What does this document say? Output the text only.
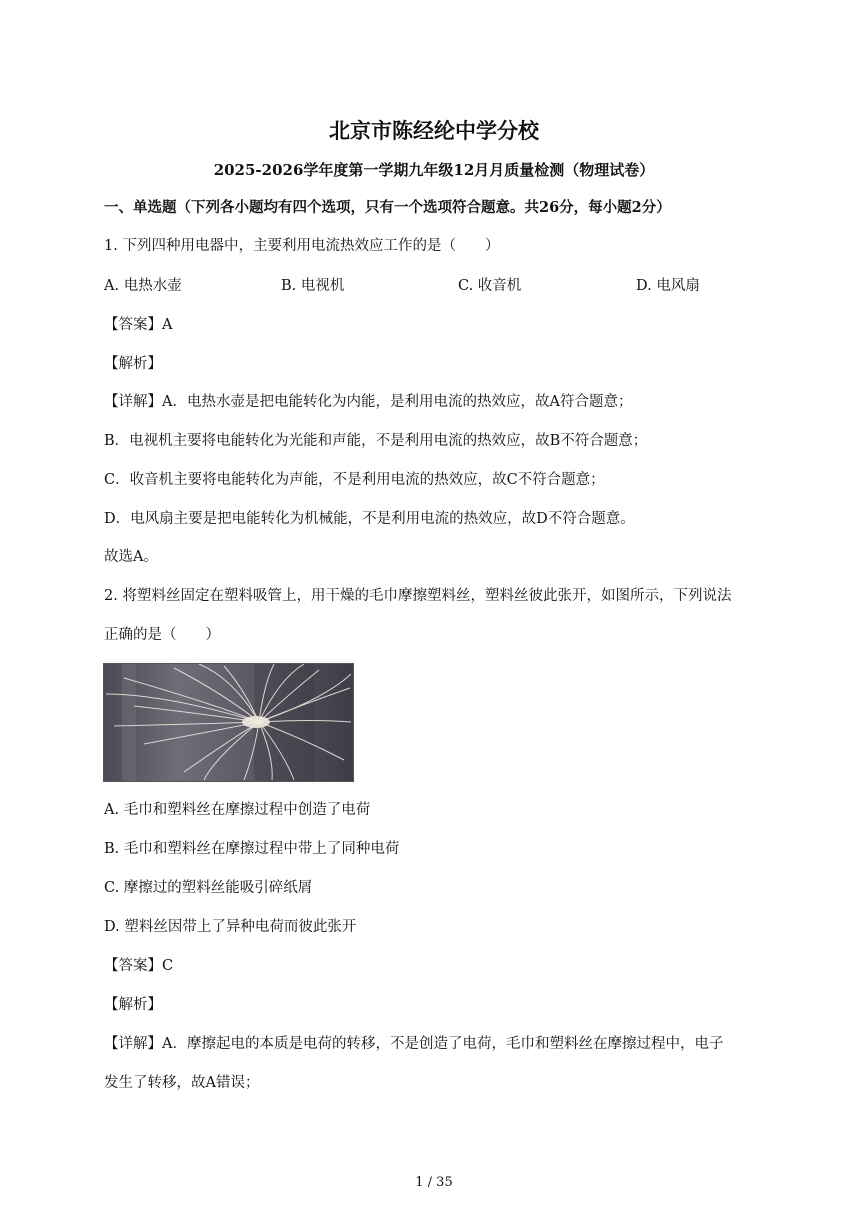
北京市陈经纶中学分校
2025-2026学年度第一学期九年级12月月质量检测（物理试卷）
一、单选题（下列各小题均有四个选项，只有一个选项符合题意。共26分，每小题2分）
1. 下列四种用电器中，主要利用电流热效应工作的是（　　）
A. 电热水壶	B. 电视机	C. 收音机	D. 电风扇
【答案】A
【解析】
【详解】A．电热水壶是把电能转化为内能，是利用电流的热效应，故A符合题意；
B．电视机主要将电能转化为光能和声能，不是利用电流的热效应，故B不符合题意；
C．收音机主要将电能转化为声能，不是利用电流的热效应，故C不符合题意；
D．电风扇主要是把电能转化为机械能，不是利用电流的热效应，故D不符合题意。
故选A。
2. 将塑料丝固定在塑料吸管上，用干燥的毛巾摩擦塑料丝，塑料丝彼此张开，如图所示，下列说法
正确的是（　　）
A. 毛巾和塑料丝在摩擦过程中创造了电荷
B. 毛巾和塑料丝在摩擦过程中带上了同种电荷
C. 摩擦过的塑料丝能吸引碎纸屑
D. 塑料丝因带上了异种电荷而彼此张开
【答案】C
【解析】
【详解】A．摩擦起电的本质是电荷的转移，不是创造了电荷，毛巾和塑料丝在摩擦过程中，电子
发生了转移，故A错误；
1 / 35
